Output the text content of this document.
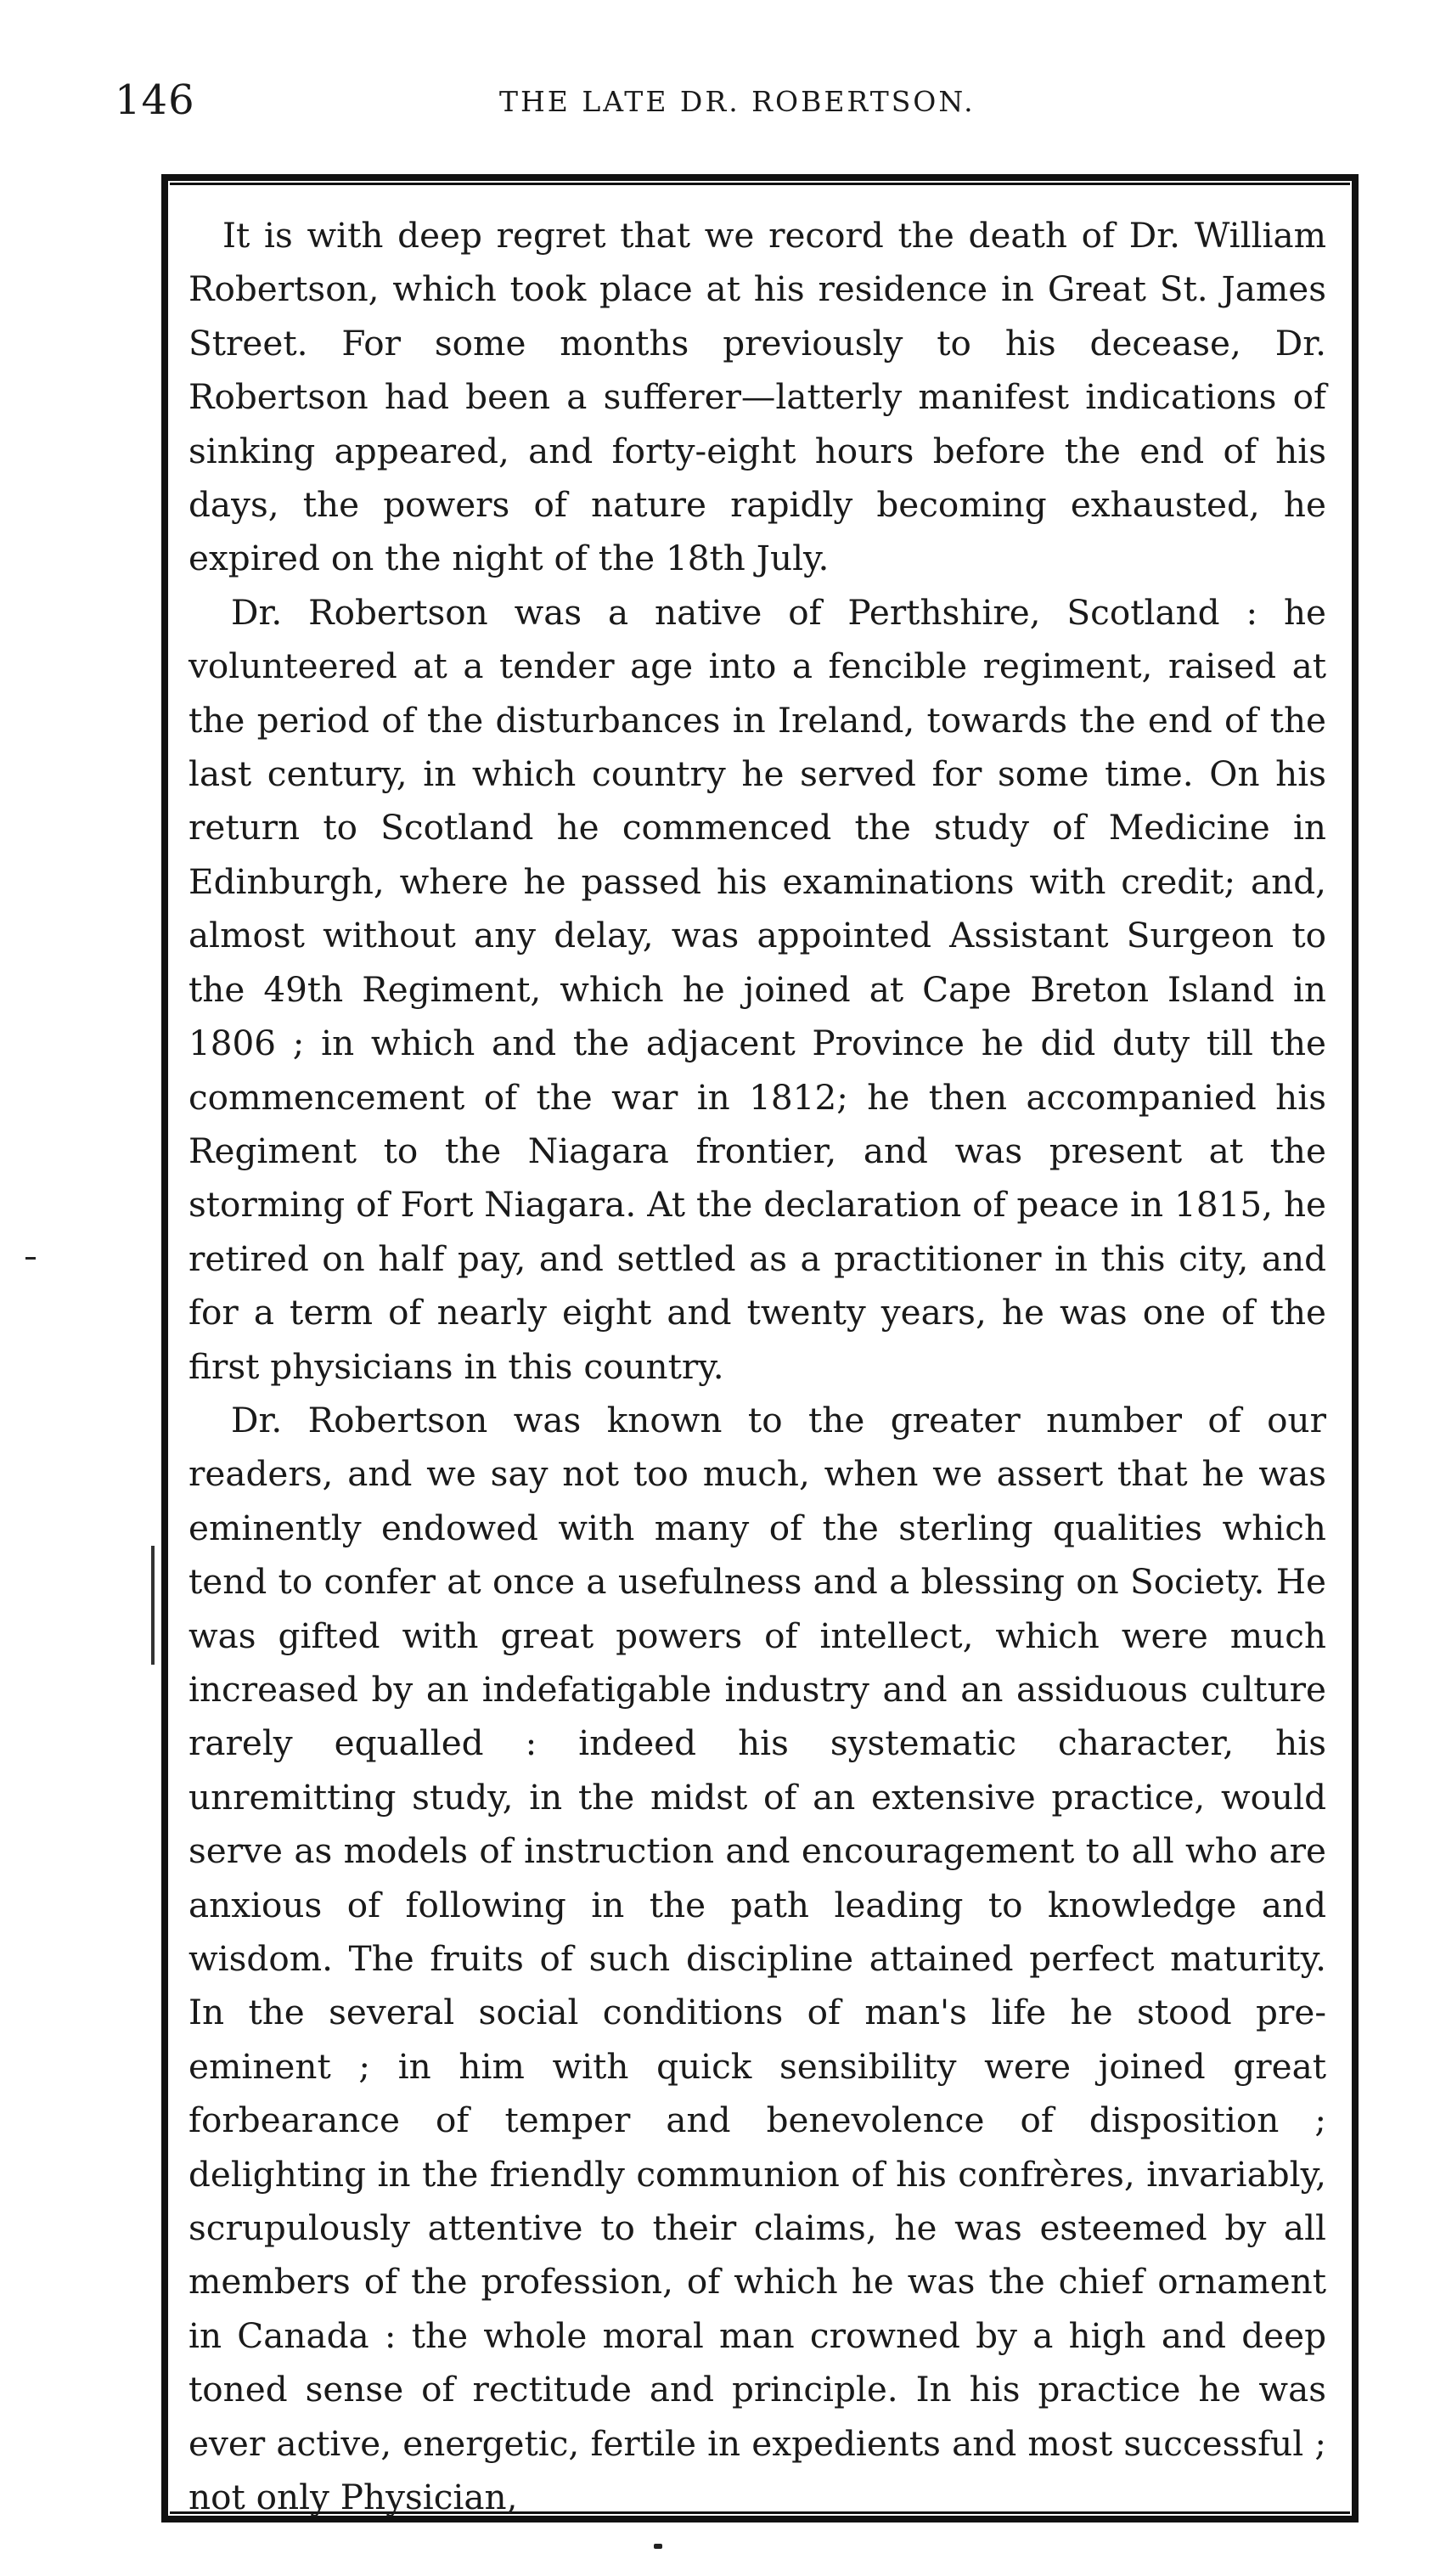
146	THE LATE DR. ROBERTSON.

It is with deep regret that we record the death of Dr. William Robertson, which took place at his residence in Great St. James Street. For some months previously to his decease, Dr. Robertson had been a sufferer—latterly manifest indications of sinking appeared, and forty-eight hours before the end of his days, the powers of nature rapidly becoming exhausted, he expired on the night of the 18th July.

Dr. Robertson was a native of Perthshire, Scotland : he volunteered at a tender age into a fencible regiment, raised at the period of the disturbances in Ireland, towards the end of the last century, in which country he served for some time. On his return to Scotland he commenced the study of Medicine in Edinburgh, where he passed his examinations with credit; and, almost without any delay, was appointed Assistant Surgeon to the 49th Regiment, which he joined at Cape Breton Island in 1806 ; in which and the adjacent Province he did duty till the commencement of the war in 1812; he then accompanied his Regiment to the Niagara frontier, and was present at the storming of Fort Niagara. At the declaration of peace in 1815, he retired on half pay, and settled as a practitioner in this city, and for a term of nearly eight and twenty years, he was one of the first physicians in this country.

Dr. Robertson was known to the greater number of our readers, and we say not too much, when we assert that he was eminently endowed with many of the sterling qualities which tend to confer at once a usefulness and a blessing on Society. He was gifted with great powers of intellect, which were much increased by an indefatigable industry and an assiduous culture rarely equalled : indeed his systematic character, his unremitting study, in the midst of an extensive practice, would serve as models of instruction and encouragement to all who are anxious of following in the path leading to knowledge and wisdom. The fruits of such discipline attained perfect maturity. In the several social conditions of man's life he stood pre-eminent ; in him with quick sensibility were joined great forbearance of temper and benevolence of disposition ; delighting in the friendly communion of his confrères, invariably, scrupulously attentive to their claims, he was esteemed by all members of the profession, of which he was the chief ornament in Canada : the whole moral man crowned by a high and deep toned sense of rectitude and principle. In his practice he was ever active, energetic, fertile in expedients and most successful ; not only Physician,
